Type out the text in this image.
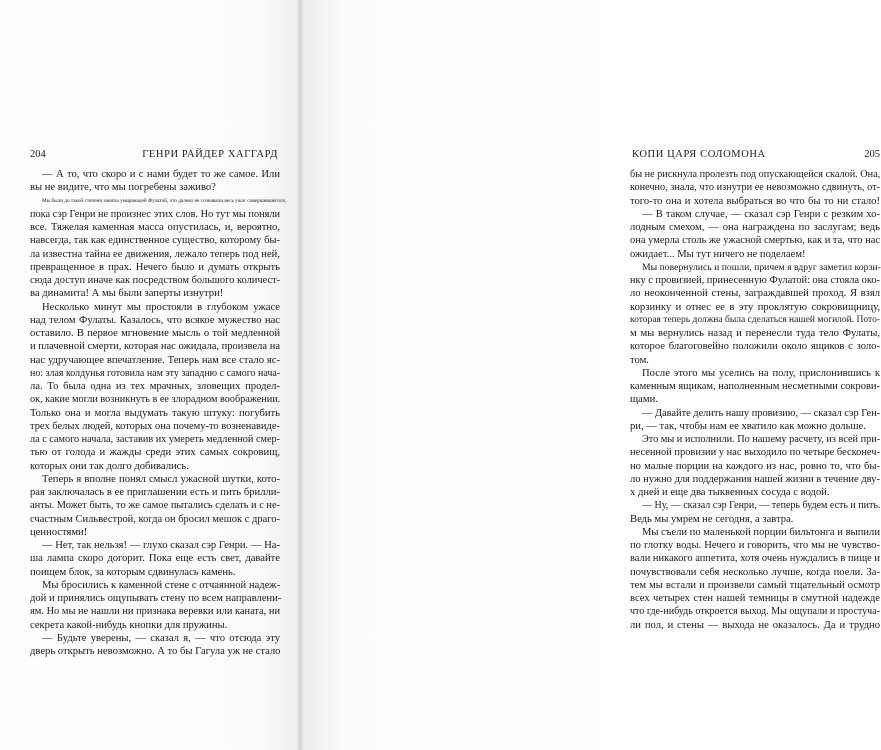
204	ГЕНРИ РАЙДЕР ХАГГАРД
— А то, что скоро и с нами будет то же самое. Или
вы не видите, что мы погребены заживо?
Мы были до такой степени заняты умирающей Фулатой, что далеко не сознавали весь ужас совершившегося,
пока сэр Генри не произнес этих слов. Но тут мы поняли
все. Тяжелая каменная масса опустилась, и, вероятно,
навсегда, так как единственное существо, которому бы-
ла известна тайна ее движения, лежало теперь под ней,
превращенное в прах. Нечего было и думать открыть
сюда доступ иначе как посредством большого количест-
ва динамита! А мы были заперты изнутри!
Несколько минут мы простояли в глубоком ужасе
над телом Фулаты. Казалось, что всякое мужество нас
оставило. В первое мгновение мысль о той медленной
и плачевной смерти, которая нас ожидала, произвела на
нас удручающее впечатление. Теперь нам все стало яс-
но: злая колдунья готовила нам эту западню с самого нача-
ла. То была одна из тех мрачных, зловещих продел-
ок, какие могли возникнуть в ее злорадном воображении.
Только она и могла выдумать такую штуку: погубить
трех белых людей, которых она почему-то возненавиде-
ла с самого начала, заставив их умереть медленной смер-
тью от голода и жажды среди этих самых сокровищ,
которых они так долго добивались.
Теперь я вполне понял смысл ужасной шутки, кото-
рая заключалась в ее приглашении есть и пить брилли-
анты. Может быть, то же самое пытались сделать и с не-
счастным Сильвестрой, когда он бросил мешок с драго-
ценностями!
— Нет, так нельзя! — глухо сказал сэр Генри. — На-
ша лампа скоро догорит. Пока еще есть свет, давайте
поищем блок, за которым сдвинулась камень.
Мы бросились к каменной стене с отчаянной надеж-
дой и принялись ощупывать стену по всем направлени-
ям. Но мы не нашли ни признака веревки или каната, ни
секрета какой-нибудь кнопки для пружины.
— Будьте уверены, — сказал я, — что отсюда эту
дверь открыть невозможно. А то бы Гагула уж не стало
КОПИ ЦАРЯ СОЛОМОНА	205
бы не рискнула пролезть под опускающейся скалой. Она,
конечно, знала, что изнутри ее невозможно сдвинуть, от-
того-то она и хотела выбраться во что бы то ни стало!
— В таком случае, — сказал сэр Генри с резким хо-
лодным смехом, — она награждена по заслугам; ведь
она умерла столь же ужасной смертью, как и та, что нас
ожидает... Мы тут ничего не поделаем!
Мы повернулись и пошли, причем я вдруг заметил корзи-
нку с провизией, принесенную Фулатой: она стояла око-
ло неоконченной стены, заграждавшей проход. Я взял
корзинку и отнес ее в эту проклятую сокровищницу,
которая теперь должна была сделаться нашей могилой. Пото-
м мы вернулись назад и перенесли туда тело Фулаты,
которое благоговейно положили около ящиков с золо-
том.
После этого мы уселись на полу, прислонившись к
каменным ящикам, наполненным несметными сокрови-
щами.
— Давайте делить нашу провизию, — сказал сэр Ген-
ри, — так, чтобы нам ее хватило как можно дольше.
Это мы и исполнили. По нашему расчету, из всей при-
несенной провизии у нас выходило по четыре бесконеч-
но малые порции на каждого из нас, ровно то, что бы-
ло нужно для поддержания нашей жизни в течение дву-
х дней и еще два тыквенных сосуда с водой.
— Ну, — сказал сэр Генри, — теперь будем есть и пить.
Ведь мы умрем не сегодня, а завтра.
Мы съели по маленькой порции бильтонга и выпили
по глотку воды. Нечего и говорить, что мы не чувство-
вали никакого аппетита, хотя очень нуждались в пище и
почувствовали себя несколько лучше, когда поели. За-
тем мы встали и произвели самый тщательный осмотр
всех четырех стен нашей темницы в смутной надежде
что где-нибудь откроется выход. Мы ощупали и простуча-
ли пол, и стены — выхода не оказалось. Да и трудно
